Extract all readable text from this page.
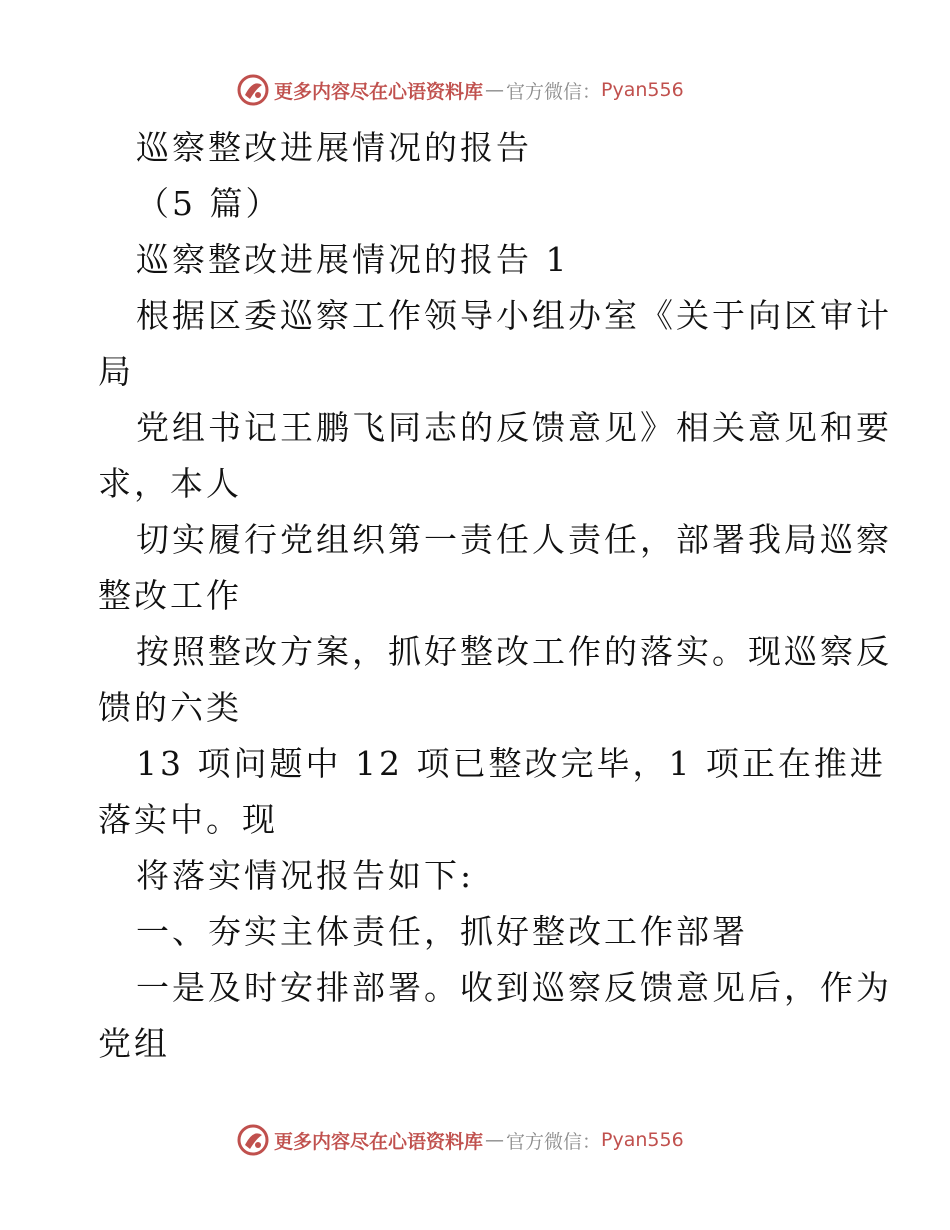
更多内容尽在心语资料库 — 官方微信： Pyan556
巡察整改进展情况的报告
（5 篇）
巡察整改进展情况的报告 1
根据区委巡察工作领导小组办室《关于向区审计
局
党组书记王鹏飞同志的反馈意见》相关意见和要
求，本人
切实履行党组织第一责任人责任，部署我局巡察
整改工作
按照整改方案，抓好整改工作的落实。现巡察反
馈的六类
13 项问题中 12 项已整改完毕，1 项正在推进
落实中。现
将落实情况报告如下:
一、夯实主体责任，抓好整改工作部署
一是及时安排部署。收到巡察反馈意见后，作为
党组
更多内容尽在心语资料库 — 官方微信： Pyan556
